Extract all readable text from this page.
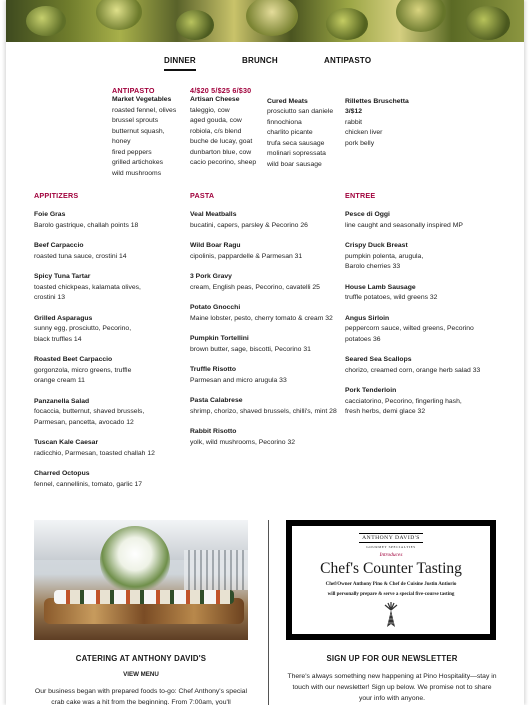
DINNER	BRUNCH	ANTIPASTO
ANTIPASTO
Market Vegetables
roasted fennel, olives
brussel sprouts
butternut squash,
honey
fired peppers
grilled artichokes
wild mushrooms
4/$20 5/$25 6/$30
Artisan Cheese
taleggio, cow
aged gouda, cow
robiola, c/s blend
buche de lucay, goat
dunbarton blue, cow
cacio pecorino, sheep
Cured Meats
prosciutto san daniele
finnochiona
charlito picante
trufa seca sausage
molinari sopressata
wild boar sausage
Rillettes Bruschetta
3/$12
rabbit
chicken liver
pork belly
APPITIZERS
Foie Gras
Barolo gastrique, challah points 18
Beef Carpaccio
roasted tuna sauce, crostini 14
Spicy Tuna Tartar
toasted chickpeas, kalamata olives,
crostini 13
Grilled Asparagus
sunny egg, prosciutto, Pecorino,
black truffles 14
Roasted Beet Carpaccio
gorgonzola, micro greens, truffle
orange cream 11
Panzanella Salad
focaccia, butternut, shaved brussels,
Parmesan, pancetta, avocado 12
Tuscan Kale Caesar
radicchio, Parmesan, toasted challah 12
Charred Octopus
fennel, cannellinis, tomato, garlic 17
PASTA
Veal Meatballs
bucatini, capers, parsley & Pecorino 26
Wild Boar Ragu
cipolinis, pappardelle & Parmesan 31
3 Pork Gravy
cream, English peas, Pecorino, cavatelli 25
Potato Gnocchi
Maine lobster, pesto, cherry tomato & cream 32
Pumpkin Tortellini
brown butter, sage, biscotti, Pecorino 31
Truffle Risotto
Parmesan and micro arugula 33
Pasta Calabrese
shrimp, chorizo, shaved brussels, chilli's, mint 28
Rabbit Risotto
yolk, wild mushrooms, Pecorino 32
ENTREE
Pesce di Oggi
line caught and seasonally inspired MP
Crispy Duck Breast
pumpkin polenta, arugula,
Barolo cherries 33
House Lamb Sausage
truffle potatoes, wild greens 32
Angus Sirloin
peppercorn sauce, wilted greens, Pecorino
potatoes 36
Seared Sea Scallops
chorizo, creamed corn, orange herb salad 33
Pork Tenderloin
cacciatorino, Pecorino, fingerling hash,
fresh herbs, demi glace 32
CATERING AT ANTHONY DAVID'S
VIEW MENU
Our business began with prepared foods to-go: Chef Anthony's special crab cake was a hit from the beginning. From 7:00am, you'll
ANTHONY DAVID'S
GOURMET SPECIALTIES
Introduces
Chef's Counter Tasting
Chef/Owner Anthony Pino & Chef de Cuisine Justin Antiorio
will personally prepare & serve a special five-course tasting
SIGN UP FOR OUR NEWSLETTER
There's always something new happening at Pino Hospitality—stay in touch with our newsletter! Sign up below. We promise not to share your info with anyone.
